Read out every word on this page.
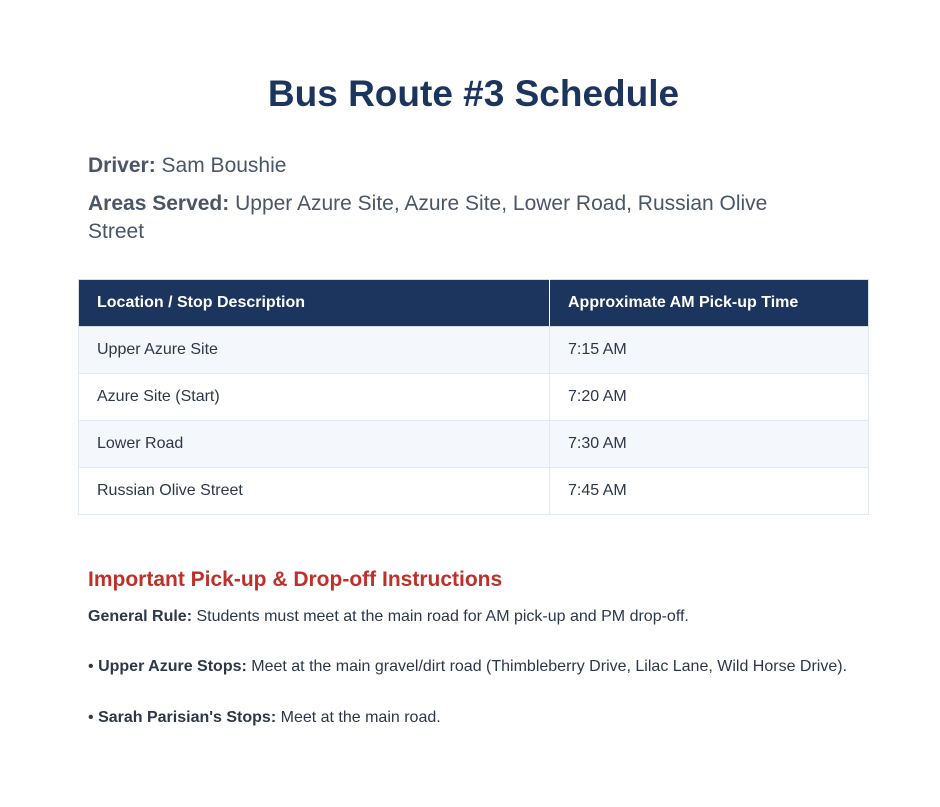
Bus Route #3 Schedule
Driver: Sam Boushie
Areas Served: Upper Azure Site, Azure Site, Lower Road, Russian Olive Street
Location / Stop Description	Approximate AM Pick-up Time
Upper Azure Site	7:15 AM
Azure Site (Start)	7:20 AM
Lower Road	7:30 AM
Russian Olive Street	7:45 AM
Important Pick-up & Drop-off Instructions
General Rule: Students must meet at the main road for AM pick-up and PM drop-off.
• Upper Azure Stops: Meet at the main gravel/dirt road (Thimbleberry Drive, Lilac Lane, Wild Horse Drive).
• Sarah Parisian's Stops: Meet at the main road.
